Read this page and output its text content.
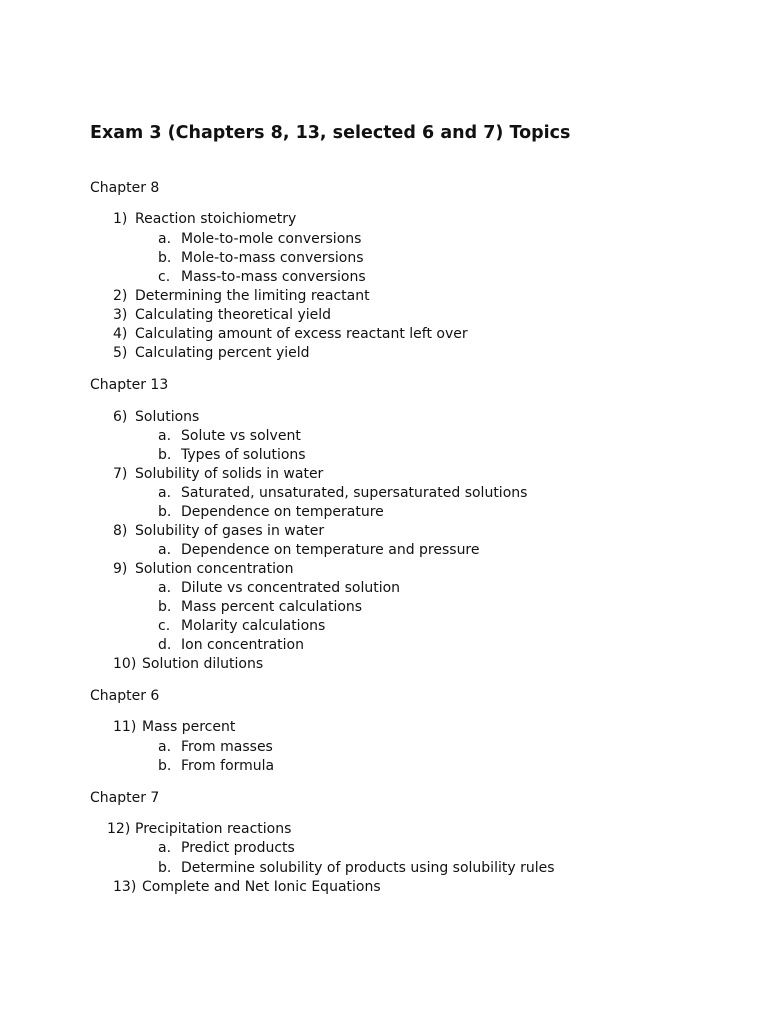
Exam 3 (Chapters 8, 13, selected 6 and 7) Topics
Chapter 8
1) Reaction stoichiometry
a. Mole-to-mole conversions
b. Mole-to-mass conversions
c. Mass-to-mass conversions
2) Determining the limiting reactant
3) Calculating theoretical yield
4) Calculating amount of excess reactant left over
5) Calculating percent yield
Chapter 13
6) Solutions
a. Solute vs solvent
b. Types of solutions
7) Solubility of solids in water
a. Saturated, unsaturated, supersaturated solutions
b. Dependence on temperature
8) Solubility of gases in water
a. Dependence on temperature and pressure
9) Solution concentration
a. Dilute vs concentrated solution
b. Mass percent calculations
c. Molarity calculations
d. Ion concentration
10) Solution dilutions
Chapter 6
11) Mass percent
a. From masses
b. From formula
Chapter 7
12) Precipitation reactions
a. Predict products
b. Determine solubility of products using solubility rules
13) Complete and Net Ionic Equations
